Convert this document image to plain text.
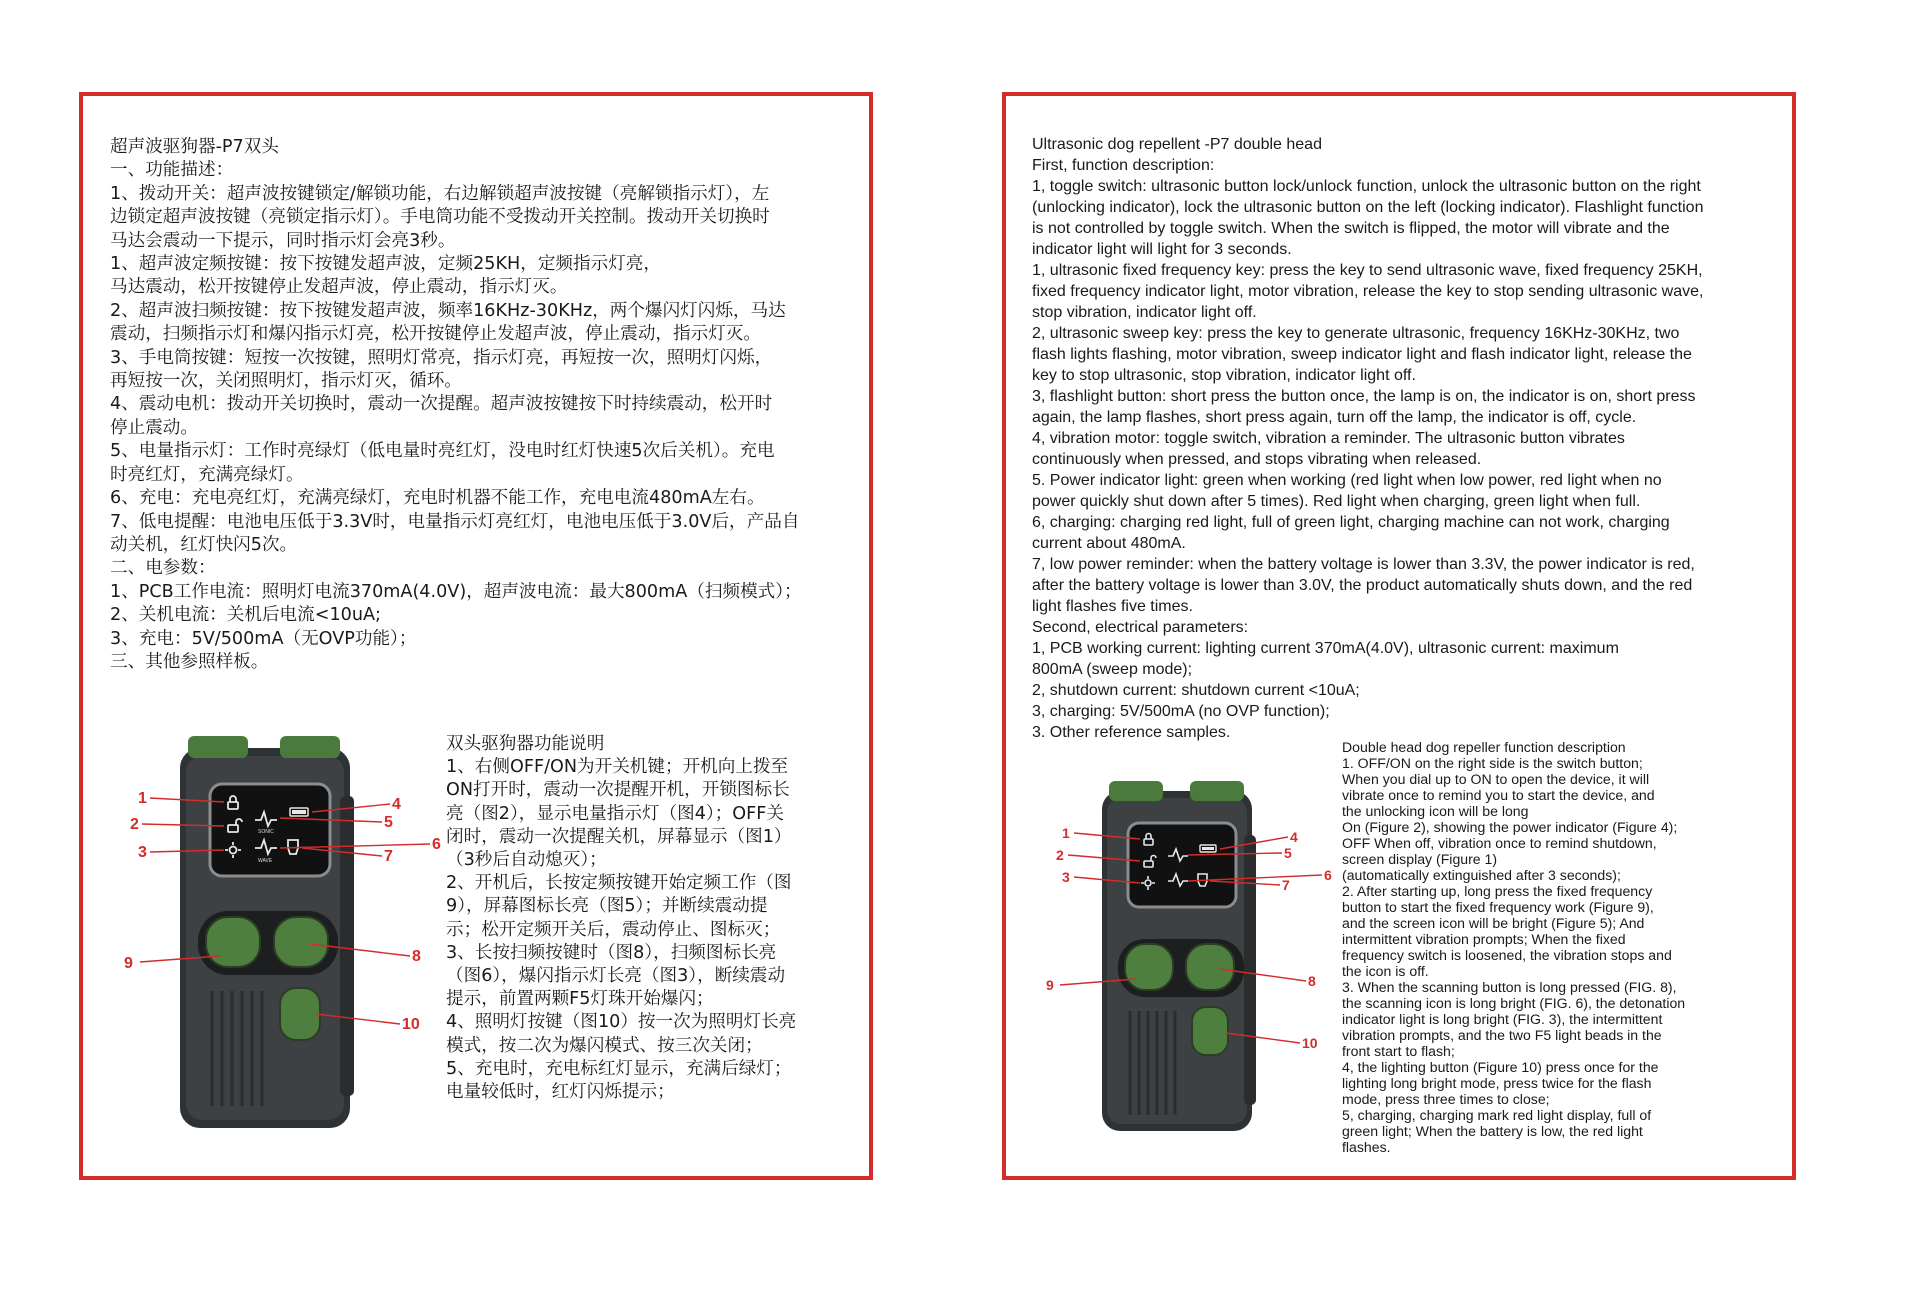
超声波驱狗器-P7双头

一、功能描述：

1、拨动开关：超声波按键锁定/解锁功能，右边解锁超声波按键（亮解锁指示灯），左

边锁定超声波按键（亮锁定指示灯）。手电筒功能不受拨动开关控制。拨动开关切换时

马达会震动一下提示，同时指示灯会亮3秒。

1、超声波定频按键：按下按键发超声波，定频25KH，定频指示灯亮，

马达震动，松开按键停止发超声波，停止震动，指示灯灭。

2、超声波扫频按键：按下按键发超声波，频率16KHz-30KHz，两个爆闪灯闪烁，马达

震动，扫频指示灯和爆闪指示灯亮，松开按键停止发超声波，停止震动，指示灯灭。

3、手电筒按键：短按一次按键，照明灯常亮，指示灯亮，再短按一次，照明灯闪烁，

再短按一次，关闭照明灯，指示灯灭，循环。

4、震动电机：拨动开关切换时，震动一次提醒。超声波按键按下时持续震动，松开时

停止震动。

5、电量指示灯：工作时亮绿灯（低电量时亮红灯，没电时红灯快速5次后关机）。充电

时亮红灯，充满亮绿灯。

6、充电：充电亮红灯，充满亮绿灯，充电时机器不能工作，充电电流480mA左右。

7、低电提醒：电池电压低于3.3V时，电量指示灯亮红灯，电池电压低于3.0V后，产品自

动关机，红灯快闪5次。

二、电参数：

1、PCB工作电流：照明灯电流370mA(4.0V)，超声波电流：最大800mA（扫频模式）；

2、关机电流：关机后电流<10uA;

3、充电：5V/500mA（无OVP功能）；

三、其他参照样板。

SONIC
WAVE
1
2
3
4
5
6
7
8
9
10

双头驱狗器功能说明

1、右侧OFF/ON为开关机键；开机向上拨至

ON打开时，震动一次提醒开机，开锁图标长

亮（图2），显示电量指示灯（图4）；OFF关

闭时，震动一次提醒关机，屏幕显示（图1）

（3秒后自动熄灭）；

2、开机后，长按定频按键开始定频工作（图

9），屏幕图标长亮（图5）；并断续震动提

示；松开定频开关后，震动停止、图标灭；

3、长按扫频按键时（图8），扫频图标长亮

（图6），爆闪指示灯长亮（图3），断续震动

提示，前置两颗F5灯珠开始爆闪；

4、照明灯按键（图10）按一次为照明灯长亮

模式，按二次为爆闪模式、按三次关闭；

5、充电时，充电标红灯显示，充满后绿灯；

电量较低时，红灯闪烁提示；

Ultrasonic dog repellent -P7 double head

First, function description:

1, toggle switch: ultrasonic button lock/unlock function, unlock the ultrasonic button on the right

(unlocking indicator), lock the ultrasonic button on the left (locking indicator). Flashlight function

is not controlled by toggle switch. When the switch is flipped, the motor will vibrate and the

indicator light will light for 3 seconds.

1, ultrasonic fixed frequency key: press the key to send ultrasonic wave, fixed frequency 25KH,

fixed frequency indicator light, motor vibration, release the key to stop sending ultrasonic wave,

stop vibration, indicator light off.

2, ultrasonic sweep key: press the key to generate ultrasonic, frequency 16KHz-30KHz, two

flash lights flashing, motor vibration, sweep indicator light and flash indicator light, release the

key to stop ultrasonic, stop vibration, indicator light off.

3, flashlight button: short press the button once, the lamp is on, the indicator is on, short press

again, the lamp flashes, short press again, turn off the lamp, the indicator is off, cycle.

4, vibration motor: toggle switch, vibration a reminder. The ultrasonic button vibrates

continuously when pressed, and stops vibrating when released.

5. Power indicator light: green when working (red light when low power, red light when no

power quickly shut down after 5 times). Red light when charging, green light when full.

6, charging: charging red light, full of green light, charging machine can not work, charging

current about 480mA.

7, low power reminder: when the battery voltage is lower than 3.3V, the power indicator is red,

after the battery voltage is lower than 3.0V, the product automatically shuts down, and the red

light flashes five times.

Second, electrical parameters:

1, PCB working current: lighting current 370mA(4.0V), ultrasonic current: maximum

800mA (sweep mode);

2, shutdown current: shutdown current <10uA;

3, charging: 5V/500mA (no OVP function);

3. Other reference samples.

1
2
3
4
5
6
7
8
9
10

Double head dog repeller function description

1. OFF/ON on the right side is the switch button;

When you dial up to ON to open the device, it will

vibrate once to remind you to start the device, and

the unlocking icon will be long

On (Figure 2), showing the power indicator (Figure 4);

OFF When off, vibration once to remind shutdown,

screen display (Figure 1)

(automatically extinguished after 3 seconds);

2. After starting up, long press the fixed frequency

button to start the fixed frequency work (Figure 9),

and the screen icon will be bright (Figure 5); And

intermittent vibration prompts; When the fixed

frequency switch is loosened, the vibration stops and

the icon is off.

3. When the scanning button is long pressed (FIG. 8),

the scanning icon is long bright (FIG. 6), the detonation

indicator light is long bright (FIG. 3), the intermittent

vibration prompts, and the two F5 light beads in the

front start to flash;

4, the lighting button (Figure 10) press once for the

lighting long bright mode, press twice for the flash

mode, press three times to close;

5, charging, charging mark red light display, full of

green light; When the battery is low, the red light

flashes.
